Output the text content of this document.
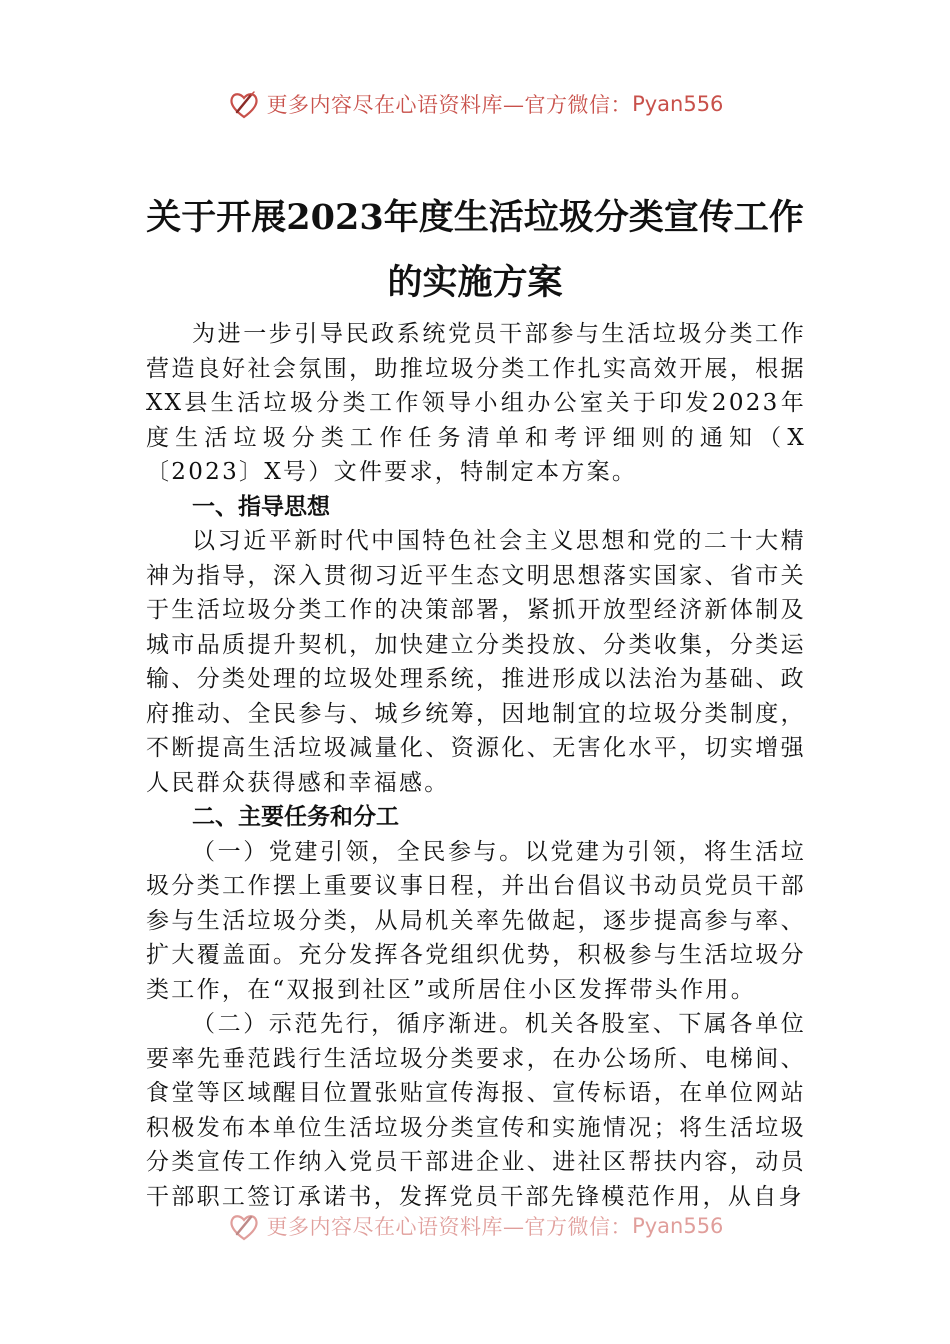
更多内容尽在心语资料库—官方微信： Pyan556
关于开展2023年度生活垃圾分类宣传工作
的实施方案

为进一步引导民政系统党员干部参与生活垃圾分类工作营造良好社会氛围，助推垃圾分类工作扎实高效开展，根据XX县生活垃圾分类工作领导小组办公室关于印发2023年度生活垃圾分类工作任务清单和考评细则的通知（X〔2023〕X号）文件要求，特制定本方案。

一、指导思想

以习近平新时代中国特色社会主义思想和党的二十大精神为指导，深入贯彻习近平生态文明思想落实国家、省市关于生活垃圾分类工作的决策部署，紧抓开放型经济新体制及城市品质提升契机，加快建立分类投放、分类收集，分类运输、分类处理的垃圾处理系统，推进形成以法治为基础、政府推动、全民参与、城乡统筹，因地制宜的垃圾分类制度，不断提高生活垃圾减量化、资源化、无害化水平，切实增强人民群众获得感和幸福感。

二、主要任务和分工

（一）党建引领，全民参与。以党建为引领，将生活垃圾分类工作摆上重要议事日程，并出台倡议书动员党员干部参与生活垃圾分类，从局机关率先做起，逐步提高参与率、扩大覆盖面。充分发挥各党组织优势，积极参与生活垃圾分类工作，在“双报到社区”或所居住小区发挥带头作用。

（二）示范先行，循序渐进。机关各股室、下属各单位要率先垂范践行生活垃圾分类要求，在办公场所、电梯间、食堂等区域醒目位置张贴宣传海报、宣传标语，在单位网站积极发布本单位生活垃圾分类宣传和实施情况；将生活垃圾分类宣传工作纳入党员干部进企业、进社区帮扶内容，动员干部职工签订承诺书，发挥党员干部先锋模范作用，从自身

更多内容尽在心语资料库—官方微信： Pyan556
